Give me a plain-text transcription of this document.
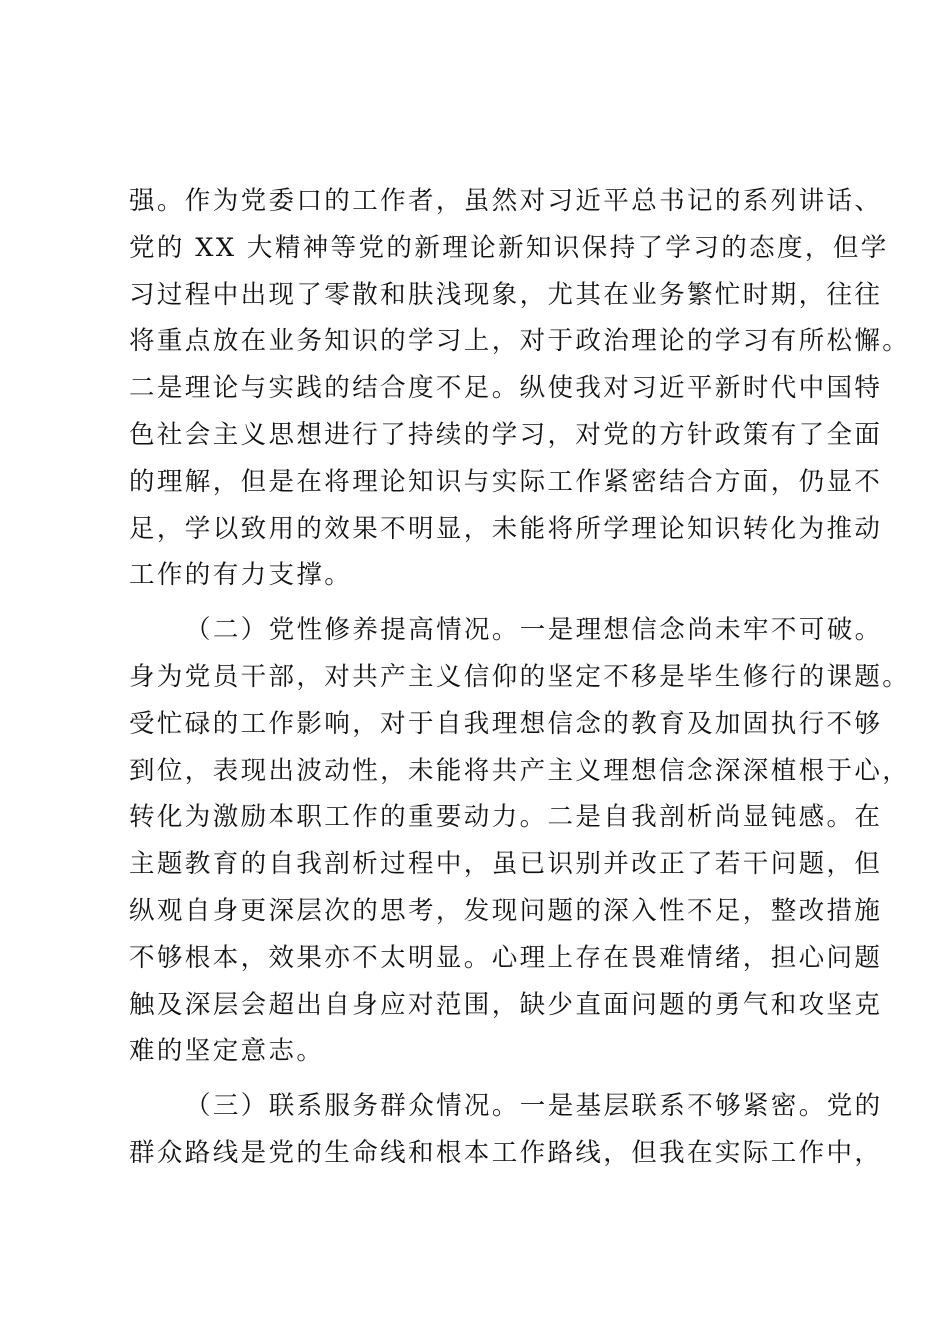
强。作为党委口的工作者，虽然对习近平总书记的系列讲话、
党的 XX 大精神等党的新理论新知识保持了学习的态度，但学
习过程中出现了零散和肤浅现象，尤其在业务繁忙时期，往往
将重点放在业务知识的学习上，对于政治理论的学习有所松懈。
二是理论与实践的结合度不足。纵使我对习近平新时代中国特
色社会主义思想进行了持续的学习，对党的方针政策有了全面
的理解，但是在将理论知识与实际工作紧密结合方面，仍显不
足，学以致用的效果不明显，未能将所学理论知识转化为推动
工作的有力支撑。
（二）党性修养提高情况。一是理想信念尚未牢不可破。
身为党员干部，对共产主义信仰的坚定不移是毕生修行的课题。
受忙碌的工作影响，对于自我理想信念的教育及加固执行不够
到位，表现出波动性，未能将共产主义理想信念深深植根于心，
转化为激励本职工作的重要动力。二是自我剖析尚显钝感。在
主题教育的自我剖析过程中，虽已识别并改正了若干问题，但
纵观自身更深层次的思考，发现问题的深入性不足，整改措施
不够根本，效果亦不太明显。心理上存在畏难情绪，担心问题
触及深层会超出自身应对范围，缺少直面问题的勇气和攻坚克
难的坚定意志。
（三）联系服务群众情况。一是基层联系不够紧密。党的
群众路线是党的生命线和根本工作路线，但我在实际工作中，
